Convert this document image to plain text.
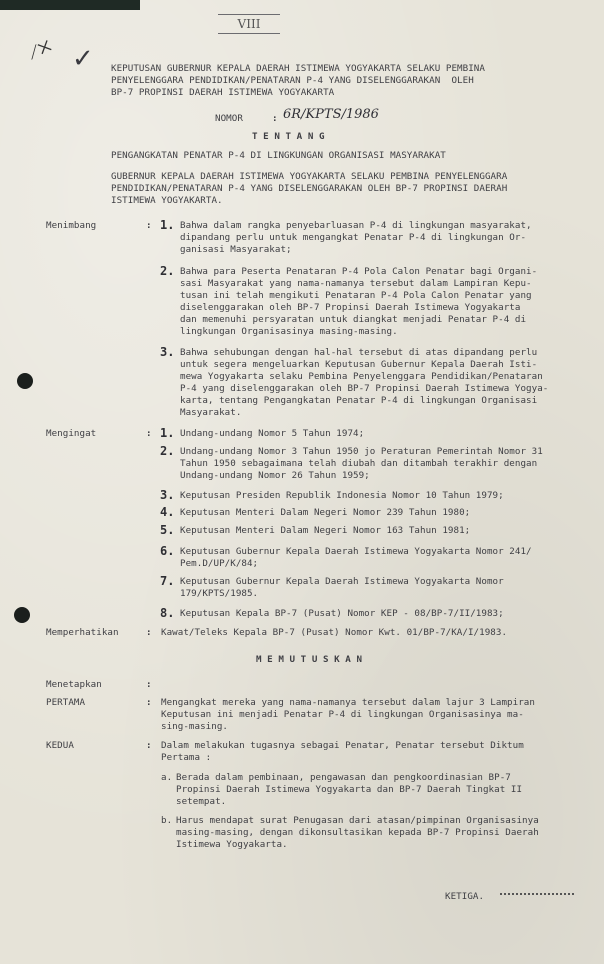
VIII
⟋✕ ✓ KEPUTUSAN GUBERNUR KEPALA DAERAH ISTIMEWA YOGYAKARTA SELAKU PEMBINA
PENYELENGGARA PENDIDIKAN/PENATARAN P-4 YANG DISELENGGARAKAN  OLEH
BP-7 PROPINSI DAERAH ISTIMEWA YOGYAKARTA
NOMOR	: 6R/KPTS/1986
T E N T A N G
PENGANGKATAN PENATAR P-4 DI LINGKUNGAN ORGANISASI MASYARAKAT
GUBERNUR KEPALA DAERAH ISTIMEWA YOGYAKARTA SELAKU PEMBINA PENYELENGGARA
PENDIDIKAN/PENATARAN P-4 YANG DISELENGGARAKAN OLEH BP-7 PROPINSI DAERAH
ISTIMEWA YOGYAKARTA.
Menimbang	: 1. Bahwa dalam rangka penyebarluasan P-4 di lingkungan masyarakat,
dipandang perlu untuk mengangkat Penatar P-4 di lingkungan Or-
ganisasi Masyarakat;
2. Bahwa para Peserta Penataran P-4 Pola Calon Penatar bagi Organi-
sasi Masyarakat yang nama-namanya tersebut dalam Lampiran Kepu-
tusan ini telah mengikuti Penataran P-4 Pola Calon Penatar yang
diselenggarakan oleh BP-7 Propinsi Daerah Istimewa Yogyakarta
dan memenuhi persyaratan untuk diangkat menjadi Penatar P-4 di
lingkungan Organisasinya masing-masing.
3. Bahwa sehubungan dengan hal-hal tersebut di atas dipandang perlu
untuk segera mengeluarkan Keputusan Gubernur Kepala Daerah Isti-
mewa Yogyakarta selaku Pembina Penyelenggara Pendidikan/Penataran
P-4 yang diselenggarakan oleh BP-7 Propinsi Daerah Istimewa Yogya-
karta, tentang Pengangkatan Penatar P-4 di lingkungan Organisasi
Masyarakat.
Mengingat	: 1. Undang-undang Nomor 5 Tahun 1974;
2. Undang-undang Nomor 3 Tahun 1950 jo Peraturan Pemerintah Nomor 31
Tahun 1950 sebagaimana telah diubah dan ditambah terakhir dengan
Undang-undang Nomor 26 Tahun 1959;
3. Keputusan Presiden Republik Indonesia Nomor 10 Tahun 1979;
4. Keputusan Menteri Dalam Negeri Nomor 239 Tahun 1980;
5. Keputusan Menteri Dalam Negeri Nomor 163 Tahun 1981;
6. Keputusan Gubernur Kepala Daerah Istimewa Yogyakarta Nomor 241/
Pem.D/UP/K/84;
7. Keputusan Gubernur Kepala Daerah Istimewa Yogyakarta Nomor
179/KPTS/1985.
8. Keputusan Kepala BP-7 (Pusat) Nomor KEP - 08/BP-7/II/1983;
Memperhatikan	: Kawat/Teleks Kepala BP-7 (Pusat) Nomor Kwt. 01/BP-7/KA/I/1983.
M E M U T U S K A N
Menetapkan	:
PERTAMA	: Mengangkat mereka yang nama-namanya tersebut dalam lajur 3 Lampiran
Keputusan ini menjadi Penatar P-4 di lingkungan Organisasinya ma-
sing-masing.
KEDUA	: Dalam melakukan tugasnya sebagai Penatar, Penatar tersebut Diktum
Pertama :
a. Berada dalam pembinaan, pengawasan dan pengkoordinasian BP-7
Propinsi Daerah Istimewa Yogyakarta dan BP-7 Daerah Tingkat II
setempat.
b. Harus mendapat surat Penugasan dari atasan/pimpinan Organisasinya
masing-masing, dengan dikonsultasikan kepada BP-7 Propinsi Daerah
Istimewa Yogyakarta.
KETIGA.
